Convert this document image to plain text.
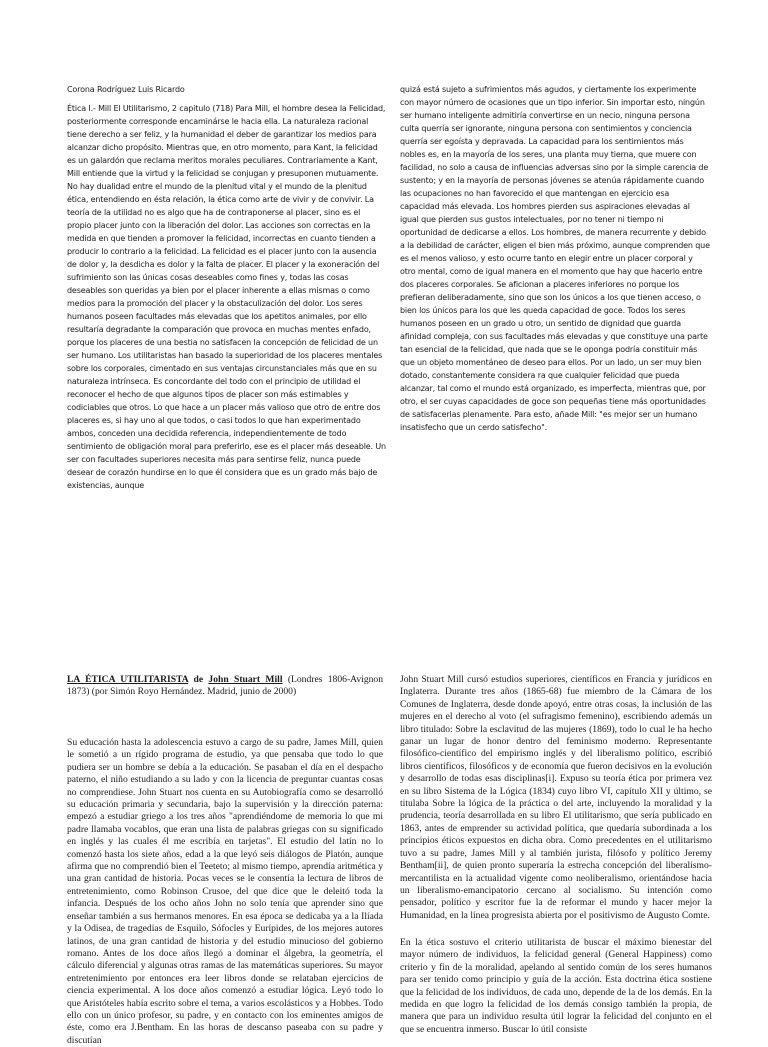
Corona Rodríguez Luis Ricardo

Ética I.- Mill El Utilitarismo, 2 capitulo (718) Para Mill, el hombre desea la Felicidad, posteriormente corresponde encaminárse le hacia ella. La naturaleza racional tiene derecho a ser feliz, y la humanidad el deber de garantizar los medios para alcanzar dicho propósito. Mientras que, en otro momento, para Kant, la felicidad es un galardón que reclama meritos morales peculiares. Contrariamente a Kant, Mill entiende que la virtud y la felicidad se conjugan y presuponen mutuamente. No hay dualidad entre el mundo de la plenitud vital y el mundo de la plenitud ética, entendiendo en ésta relación, la ética como arte de vivir y de convivir. La teoría de la utilidad no es algo que ha de contraponerse al placer, sino es el propio placer junto con la liberación del dolor. Las acciones son correctas en la medida en que tienden a promover la felicidad, incorrectas en cuanto tienden a producir lo contrario a la felicidad. La felicidad es el placer junto con la ausencia de dolor y, la desdicha es dolor y la falta de placer. El placer y la exoneración del sufrimiento son las únicas cosas deseables como fines y, todas las cosas deseables son queridas ya bien por el placer inherente a ellas mismas o como medios para la promoción del placer y la obstaculización del dolor. Los seres humanos poseen facultades más elevadas que los apetitos animales, por ello resultaría degradante la comparación que provoca en muchas mentes enfado, porque los placeres de una bestia no satisfacen la concepción de felicidad de un ser humano. Los utilitaristas han basado la superioridad de los placeres mentales sobre los corporales, cimentado en sus ventajas circunstanciales más que en su naturaleza intrínseca. Es concordante del todo con el principio de utilidad el reconocer el hecho de que algunos tipos de placer son más estimables y codiciables que otros. Lo que hace a un placer más valioso que otro de entre dos placeres es, si hay uno al que todos, o casi todos lo que han experimentado ambos, conceden una decidida referencia, independientemente de todo sentimiento de obligación moral para preferirlo, ese es el placer más deseable. Un ser con facultades superiores necesita más para sentirse feliz, nunca puede desear de corazón hundirse en lo que él considera que es un grado más bajo de existencias, aunque

quizá está sujeto a sufrimientos más agudos, y ciertamente los experimente con mayor número de ocasiones que un tipo inferior. Sin importar esto, ningún ser humano inteligente admitiría convertirse en un necio, ninguna persona culta querría ser ignorante, ninguna persona con sentimientos y conciencia querría ser egoísta y depravada. La capacidad para los sentimientos más nobles es, en la mayoría de los seres, una planta muy tierna, que muere con facilidad, no solo a causa de influencias adversas sino por la simple carencia de sustento; y en la mayoría de personas jóvenes se atenúa rápidamente cuando las ocupaciones no han favorecido el que mantengan en ejercicio esa capacidad más elevada. Los hombres pierden sus aspiraciones elevadas al igual que pierden sus gustos intelectuales, por no tener ni tiempo ni oportunidad de dedicarse a ellos. Los hombres, de manera recurrente y debido a la debilidad de carácter, eligen el bien más próximo, aunque comprenden que es el menos valioso, y esto ocurre tanto en elegir entre un placer corporal y otro mental, como de igual manera en el momento que hay que hacerlo entre dos placeres corporales. Se aficionan a placeres inferiores no porque los prefieran deliberadamente, sino que son los únicos a los que tienen acceso, o bien los únicos para los que les queda capacidad de goce. Todos los seres humanos poseen en un grado u otro, un sentido de dignidad que guarda afinidad compleja, con sus facultades más elevadas y que constituye una parte tan esencial de la felicidad, que nada que se le oponga podría constituir más que un objeto momentáneo de deseo para ellos. Por un lado, un ser muy bien dotado, constantemente considera ra que cualquier felicidad que pueda alcanzar, tal como el mundo está organizado, es imperfecta, mientras que, por otro, el ser cuyas capacidades de goce son pequeñas tiene más oportunidades de satisfacerlas plenamente. Para esto, añade Mill: "es mejor ser un humano insatisfecho que un cerdo satisfecho".

LA ÉTICA UTILITARISTA de John Stuart Mill (Londres 1806-Avignon 1873) (por Simón Royo Hernández. Madrid, junio de 2000)

Su educación hasta la adolescencia estuvo a cargo de su padre, James Mill, quien le sometió a un rígido programa de estudio, ya que pensaba que todo lo que pudiera ser un hombre se debía a la educación. Se pasaban el día en el despacho paterno, el niño estudiando a su lado y con la licencia de preguntar cuantas cosas no comprendiese. John Stuart nos cuenta en su Autobiografía como se desarrolló su educación primaria y secundaria, bajo la supervisión y la dirección paterna: empezó a estudiar griego a los tres años "aprendiéndome de memoria lo que mi padre llamaba vocablos, que eran una lista de palabras griegas con su significado en inglés y las cuales él me escribía en tarjetas". El estudio del latín no lo comenzó hasta los siete años, edad a la que leyó seis diálogos de Platón, aunque afirma que no comprendió bien el Teeteto; al mismo tiempo, aprendía aritmética y una gran cantidad de historia. Pocas veces se le consentía la lectura de libros de entretenimiento, como Robinson Crusoe, del que dice que le deleitó toda la infancia. Después de los ocho años John no solo tenía que aprender sino que enseñar también a sus hermanos menores. En esa época se dedicaba ya a la Ilíada y la Odisea, de tragedias de Esquilo, Sófocles y Eurípides, de los mejores autores latinos, de una gran cantidad de historia y del estudio minucioso del gobierno romano. Antes de los doce años llegó a dominar el álgebra, la geometría, el cálculo diferencial y algunas otras ramas de las matemáticas superiores. Su mayor entretenimiento por entonces era leer libros donde se relataban ejercicios de ciencia experimental. A los doce años comenzó a estudiar lógica. Leyó todo lo que Aristóteles había escrito sobre el tema, a varios escolásticos y a Hobbes. Todo ello con un único profesor, su padre, y en contacto con los eminentes amigos de éste, como era J.Bentham. En las horas de descanso paseaba con su padre y discutían

John Stuart Mill cursó estudios superiores, científicos en Francia y jurídicos en Inglaterra. Durante tres años (1865-68) fue miembro de la Cámara de los Comunes de Inglaterra, desde donde apoyó, entre otras cosas, la inclusión de las mujeres en el derecho al voto (el sufragismo femenino), escribiendo además un libro titulado: Sobre la esclavitud de las mujeres (1869), todo lo cual le ha hecho ganar un lugar de honor dentro del feminismo moderno. Representante filosófico-científico del empirismo inglés y del liberalismo político, escribió libros científicos, filosóficos y de economía que fueron decisivos en la evolución y desarrollo de todas esas disciplinas[i]. Expuso su teoría ética por primera vez en su libro Sistema de la Lógica (1834) cuyo libro VI, capítulo XII y último, se titulaba Sobre la lógica de la práctica o del arte, incluyendo la moralidad y la prudencia, teoría desarrollada en su libro El utilitarismo, que sería publicado en 1863, antes de emprender su actividad política, que quedaría subordinada a los principios éticos expuestos en dicha obra. Como precedentes en el utilitarismo tuvo a su padre, James Mill y al también jurista, filósofo y político Jeremy Bentham[ii], de quien pronto superaría la estrecha concepción del liberalismo-mercantilista en la actualidad vigente como neoliberalismo, orientándose hacia un liberalismo-emancipatorio cercano al socialismo. Su intención como pensador, político y escritor fue la de reformar el mundo y hacer mejor la Humanidad, en la línea progresista abierta por el positivismo de Augusto Comte.

En la ética sostuvo el criterio utilitarista de buscar el máximo bienestar del mayor número de individuos, la felicidad general (General Happiness) como criterio y fin de la moralidad, apelando al sentido común de los seres humanos para ser tenido como principio y guía de la acción. Esta doctrina ética sostiene que la felicidad de los individuos, de cada uno, depende de la de los demás. En la medida en que logro la felicidad de los demás consigo también la propia, de manera que para un individuo resulta útil lograr la felicidad del conjunto en el que se encuentra inmerso. Buscar lo útil consiste
